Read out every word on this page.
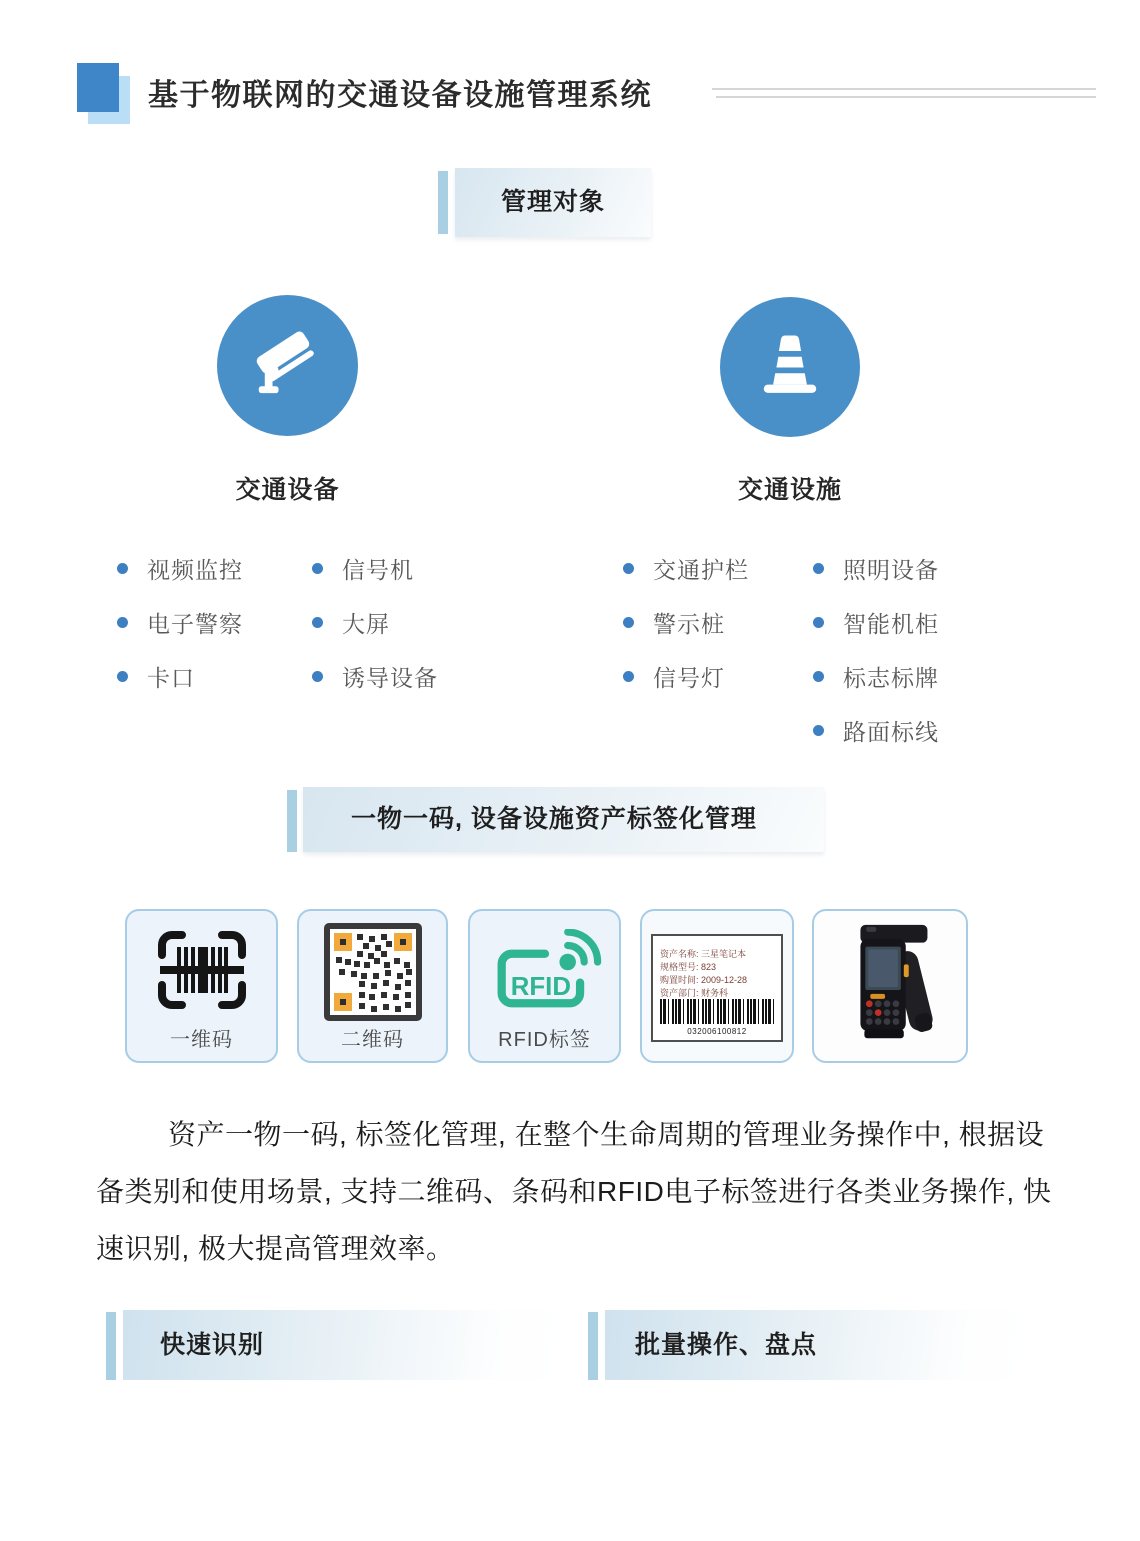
基于物联网的交通设备设施管理系统
管理对象
交通设备	交通设施
视频监控
电子警察
卡口
信号机
大屏
诱导设备
交通护栏
警示桩
信号灯
照明设备
智能机柜
标志标牌
路面标线
一物一码, 设备设施资产标签化管理
一维码	二维码
RFID
RFID标签
资产名称: 三星笔记本
规格型号: 823
购置时间: 2009-12-28
资产部门: 财务科
032006100812
资产一物一码, 标签化管理, 在整个生命周期的管理业务操作中, 根据设
备类别和使用场景, 支持二维码、条码和RFID电子标签进行各类业务操作, 快
速识别, 极大提高管理效率。
快速识别	批量操作、盘点
